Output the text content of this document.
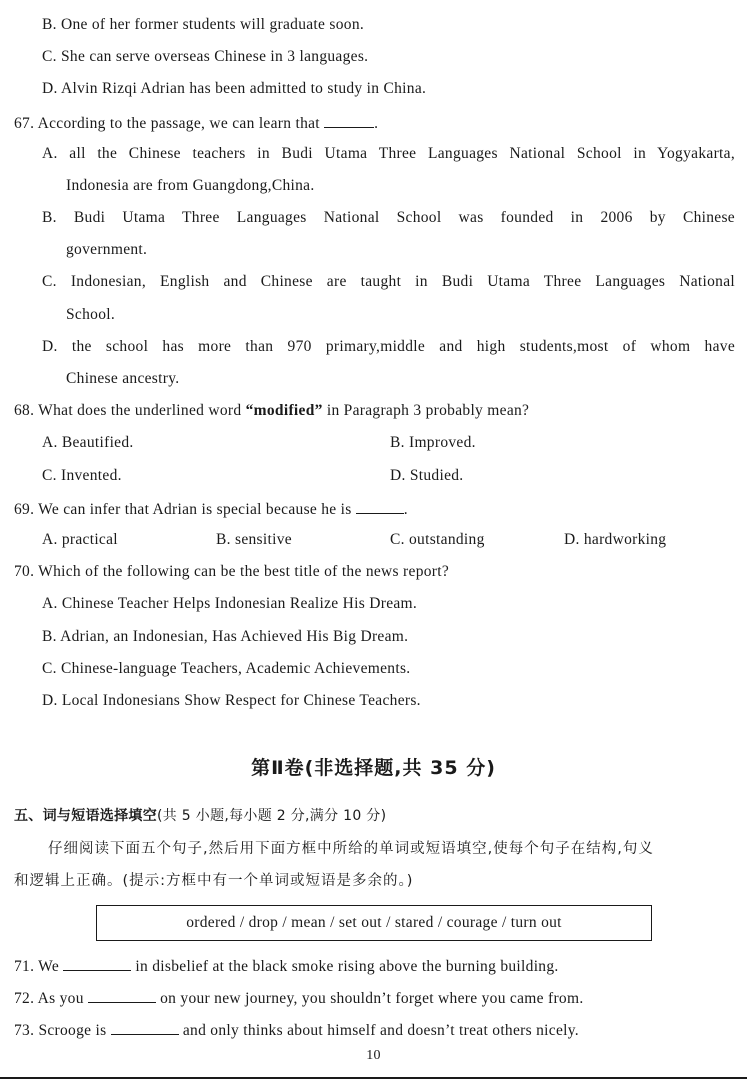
B. One of her former students will graduate soon.
C. She can serve overseas Chinese in 3 languages.
D. Alvin Rizqi Adrian has been admitted to study in China.
67. According to the passage, we can learn that	.
A. all the Chinese teachers in Budi Utama Three Languages National School in Yogyakarta,
Indonesia are from Guangdong,China.
B. Budi Utama Three Languages National School was founded in 2006 by Chinese
government.
C. Indonesian, English and Chinese are taught in Budi Utama Three Languages National
School.
D. the school has more than 970 primary,middle and high students,most of whom have
Chinese ancestry.
68. What does the underlined word “modified” in Paragraph 3 probably mean?
A. Beautified.	B. Improved.
C. Invented.	D. Studied.
69. We can infer that Adrian is special because he is	.
A. practical	B. sensitive	C. outstanding	D. hardworking
70. Which of the following can be the best title of the news report?
A. Chinese Teacher Helps Indonesian Realize His Dream.
B. Adrian, an Indonesian, Has Achieved His Big Dream.
C. Chinese-language Teachers, Academic Achievements.
D. Local Indonesians Show Respect for Chinese Teachers.
第Ⅱ卷(非选择题,共 35 分)
五、词与短语选择填空(共 5 小题,每小题 2 分,满分 10 分)
仔细阅读下面五个句子,然后用下面方框中所给的单词或短语填空,使每个句子在结构,句义
和逻辑上正确。(提示:方框中有一个单词或短语是多余的。)
ordered / drop / mean / set out / stared / courage / turn out
71. We	in disbelief at the black smoke rising above the burning building.
72. As you	on your new journey, you shouldn’t forget where you came from.
73. Scrooge is	and only thinks about himself and doesn’t treat others nicely.
10
